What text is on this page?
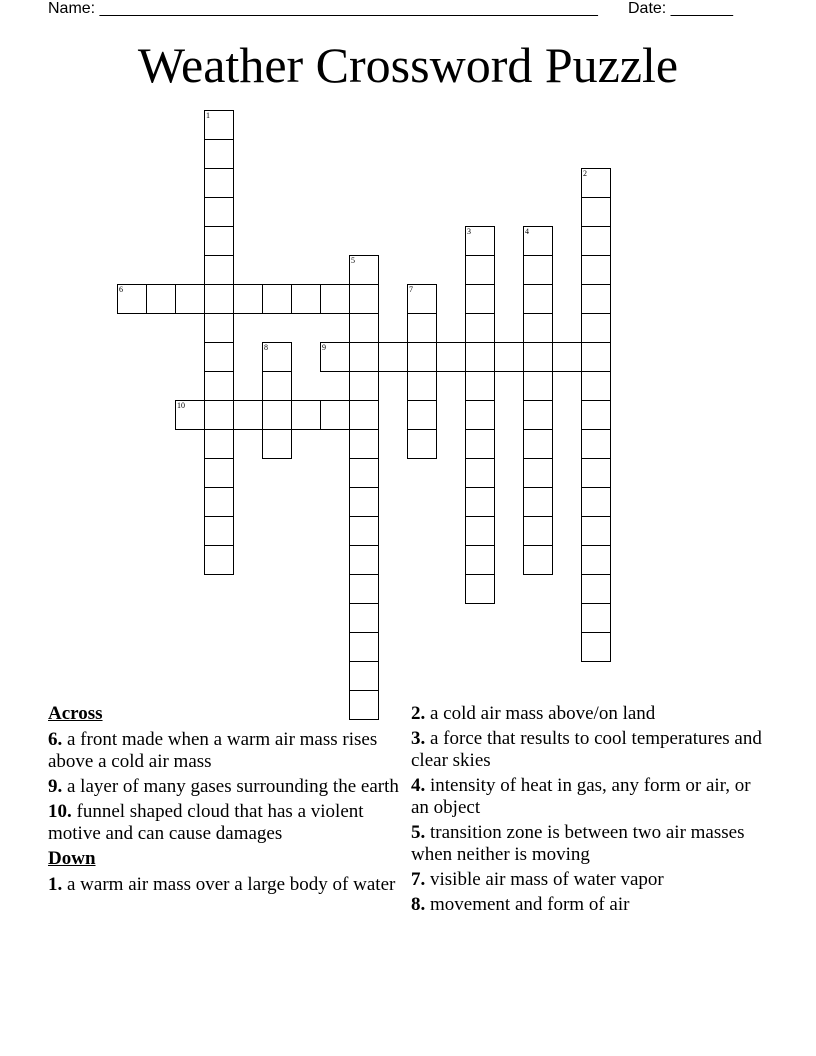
Name: ________________________________________________________ Date: _______
Weather Crossword Puzzle
1
2
3	4
5
6	7
8	9
10
Across
6. a front made when a warm air mass rises above a cold air mass
9. a layer of many gases surrounding the earth
10. funnel shaped cloud that has a violent motive and can cause damages
Down
1. a warm air mass over a large body of water
2. a cold air mass above/on land
3. a force that results to cool temperatures and clear skies
4. intensity of heat in gas, any form or air, or an object
5. transition zone is between two air masses when neither is moving
7. visible air mass of water vapor
8. movement and form of air
